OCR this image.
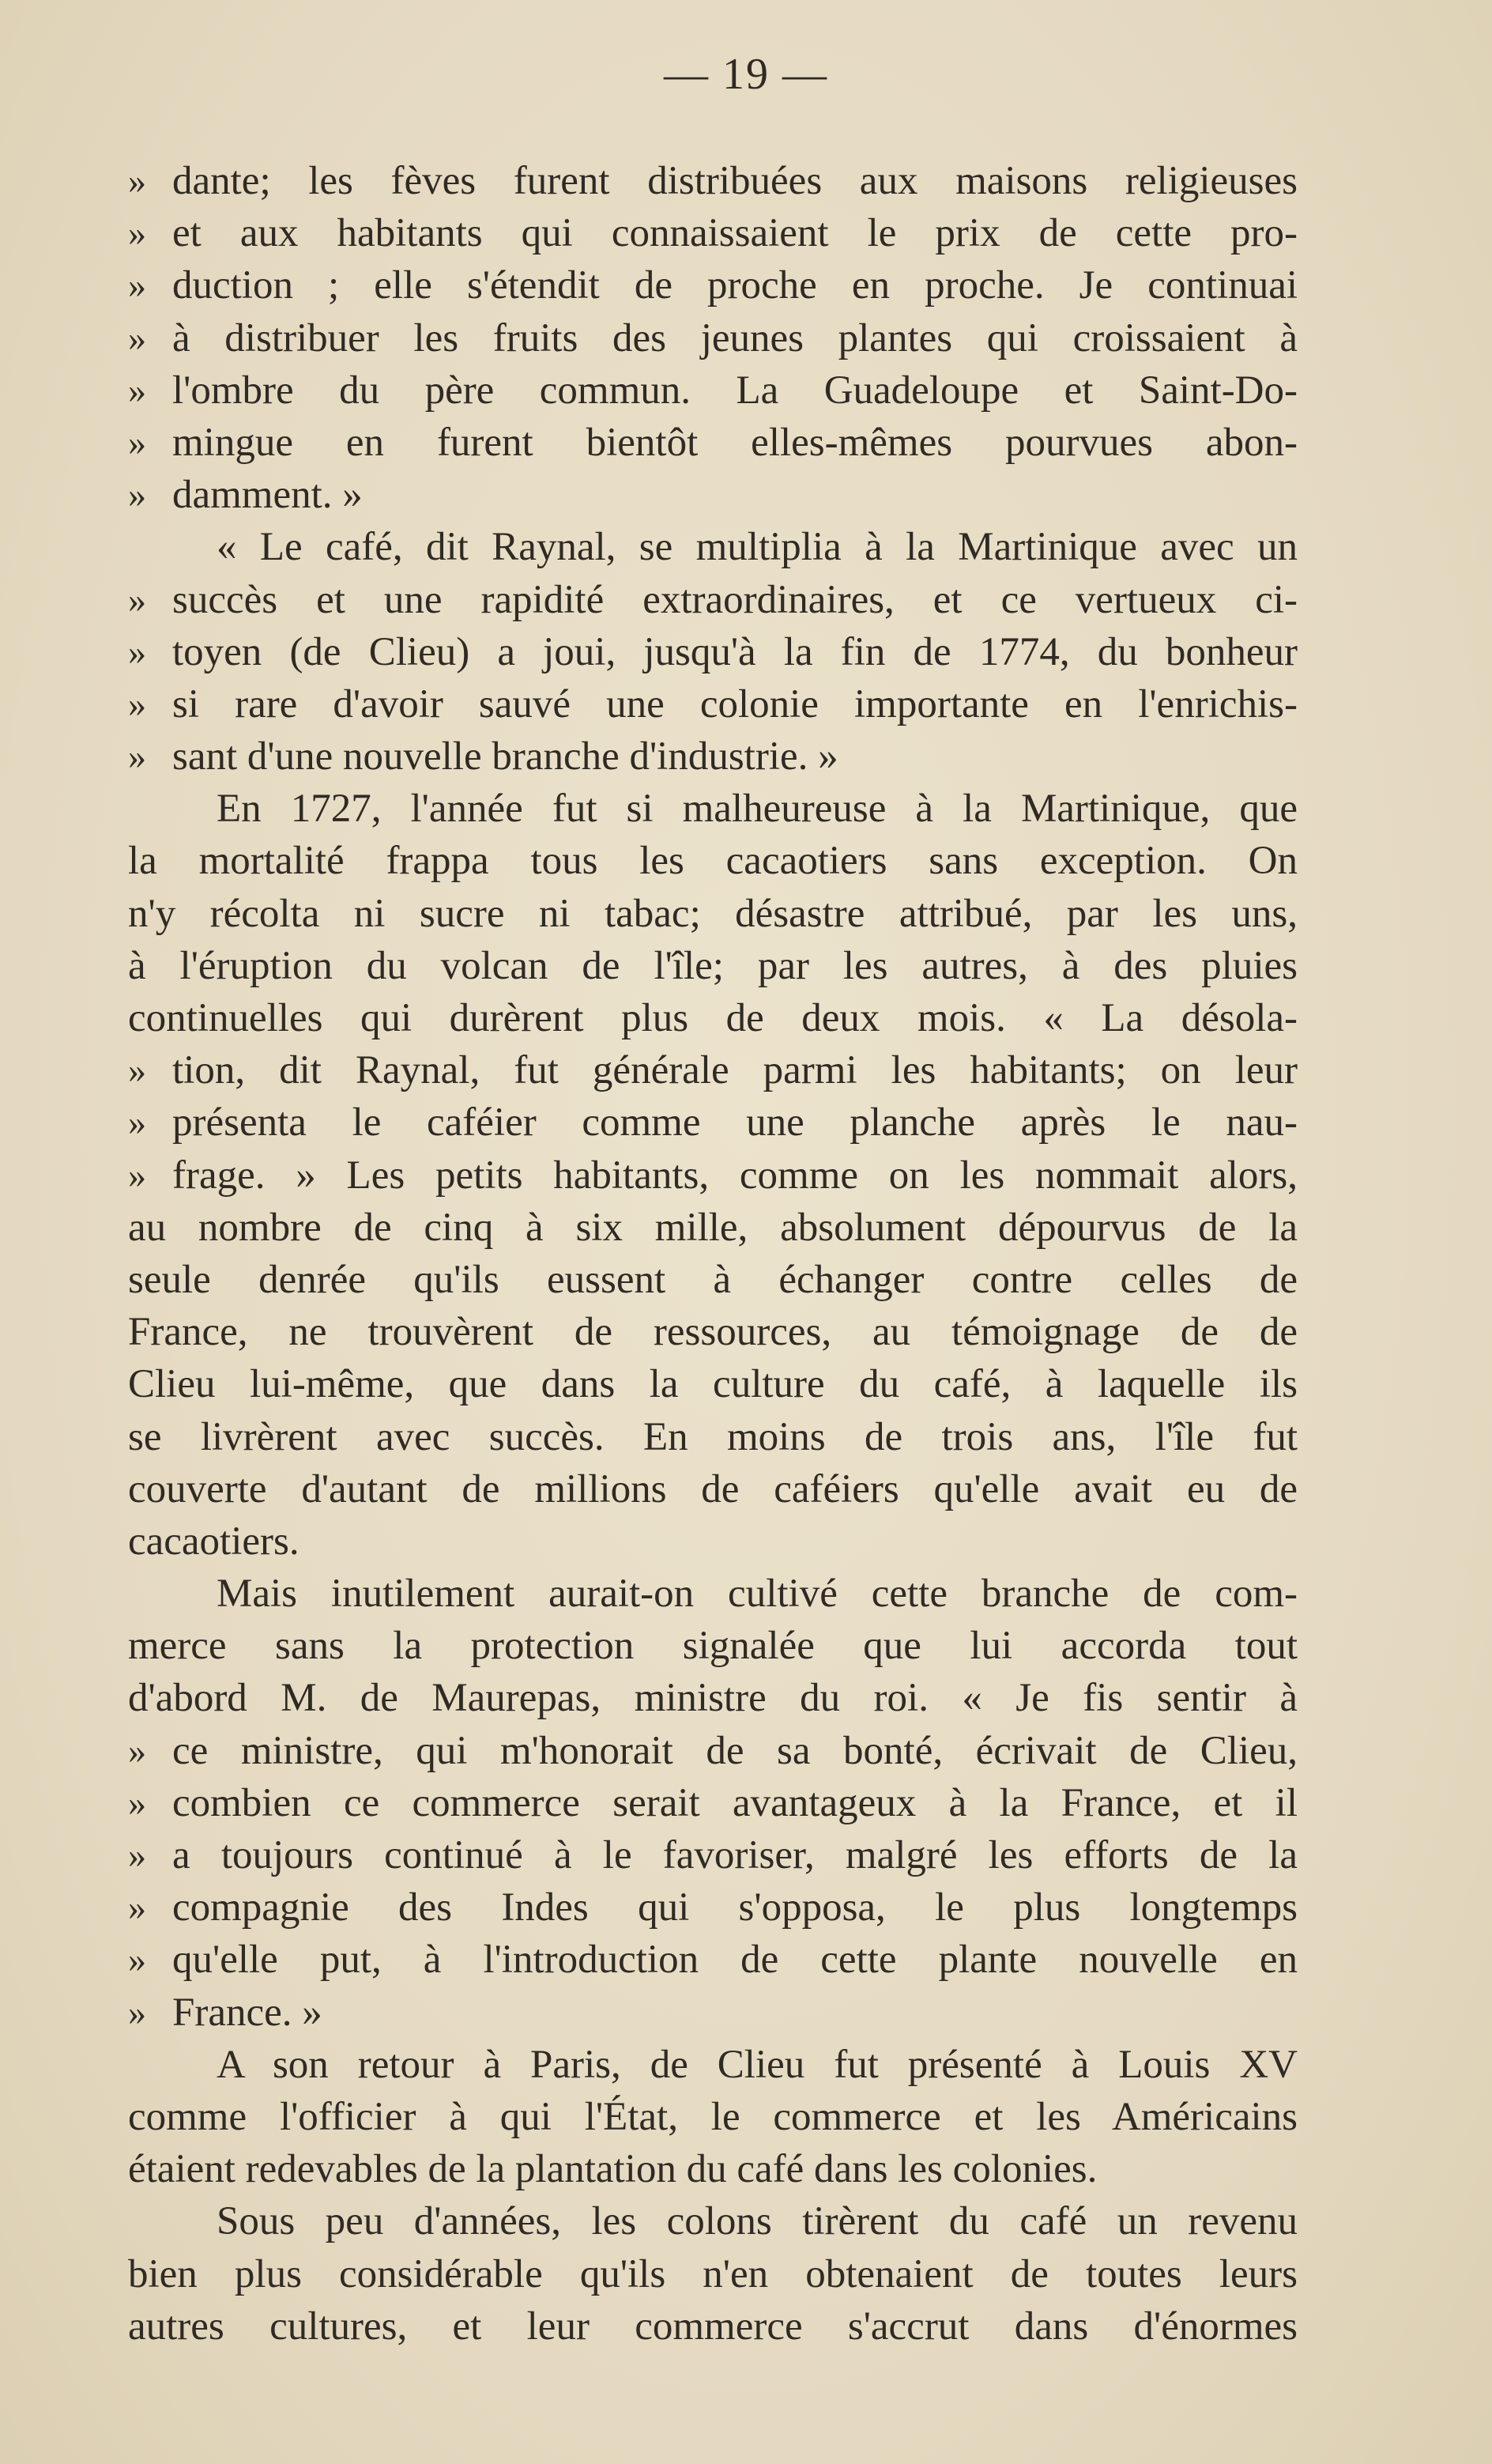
— 19 —
» dante; les fèves furent distribuées aux maisons religieuses
» et aux habitants qui connaissaient le prix de cette pro-
» duction ; elle s'étendit de proche en proche. Je continuai
» à distribuer les fruits des jeunes plantes qui croissaient à
» l'ombre du père commun. La Guadeloupe et Saint-Do-
» mingue en furent bientôt elles-mêmes pourvues abon-
» damment. »
« Le café, dit Raynal, se multiplia à la Martinique avec un
» succès et une rapidité extraordinaires, et ce vertueux ci-
» toyen (de Clieu) a joui, jusqu'à la fin de 1774, du bonheur
» si rare d'avoir sauvé une colonie importante en l'enrichis-
» sant d'une nouvelle branche d'industrie. »
En 1727, l'année fut si malheureuse à la Martinique, que
la mortalité frappa tous les cacaotiers sans exception. On
n'y récolta ni sucre ni tabac; désastre attribué, par les uns,
à l'éruption du volcan de l'île; par les autres, à des pluies
continuelles qui durèrent plus de deux mois. « La désola-
» tion, dit Raynal, fut générale parmi les habitants; on leur
» présenta le caféier comme une planche après le nau-
» frage. » Les petits habitants, comme on les nommait alors,
au nombre de cinq à six mille, absolument dépourvus de la
seule denrée qu'ils eussent à échanger contre celles de
France, ne trouvèrent de ressources, au témoignage de de
Clieu lui-même, que dans la culture du café, à laquelle ils
se livrèrent avec succès. En moins de trois ans, l'île fut
couverte d'autant de millions de caféiers qu'elle avait eu de
cacaotiers.
Mais inutilement aurait-on cultivé cette branche de com-
merce sans la protection signalée que lui accorda tout
d'abord M. de Maurepas, ministre du roi. « Je fis sentir à
» ce ministre, qui m'honorait de sa bonté, écrivait de Clieu,
» combien ce commerce serait avantageux à la France, et il
» a toujours continué à le favoriser, malgré les efforts de la
» compagnie des Indes qui s'opposa, le plus longtemps
» qu'elle put, à l'introduction de cette plante nouvelle en
» France. »
A son retour à Paris, de Clieu fut présenté à Louis XV
comme l'officier à qui l'État, le commerce et les Américains
étaient redevables de la plantation du café dans les colonies.
Sous peu d'années, les colons tirèrent du café un revenu
bien plus considérable qu'ils n'en obtenaient de toutes leurs
autres cultures, et leur commerce s'accrut dans d'énormes
